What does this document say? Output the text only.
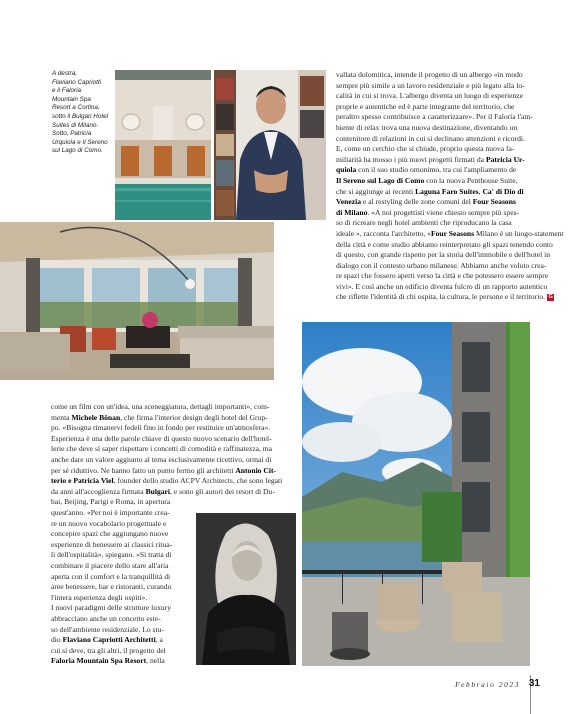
A destra,
Flaviano Capriotti
e il Faloria
Mountain Spa
Resort a Cortina,
sotto il Bulgari Hotel
Suites di Milano.
Sotto, Patricia
Urquiola e Il Sereno
sul Lago di Como.
vallata dolomitica, intende il progetto di un albergo «in modo
sempre più simile a un lavoro residenziale e più legato alla lo-
calità in cui si trova. L'albergo diventa un luogo di esperienze
proprie e autentiche ed è parte integrante del territorio, che
peraltro spesso contribuisce a caratterizzare». Per il Faloria l'am-
biente di relax trova una nuova destinazione, diventando un
contenitore di relazioni in cui si declinano attenzioni e ricordi.
E, come un cerchio che si chiude, proprio questa nuova fa-
miliarità ha mosso i più nuovi progetti firmati da Patricia Ur-
quiola con il suo studio omonimo, tra cui l'ampliamento de
Il Sereno sul Lago di Como con la nuova Penthouse Suite,
che si aggiunge ai recenti Laguna Faro Suites, Ca' di Dio di
Venezia e al restyling delle zone comuni del Four Seasons
di Milano. «A noi progettisti viene chiesto sempre più spes-
so di ricreare negli hotel ambienti che riproducano la casa
ideale », racconta l'architetto, «Four Seasons Milano è un luogo-statement
della città e come studio abbiamo reinterpretato gli spazi tenendo conto
di questo, con grande rispetto per la storia dell'immobile e dell'hotel in
dialogo con il contesto urbano milanese. Abbiamo anche voluto crea-
re spazi che fossero aperti verso la città e che potessero essere sempre
vivi». E così anche un edificio diventa fulcro di un rapporto autentico
che riflette l'identità di chi ospita, la cultura, le persone e il territorio. G
come un film con un'idea, una sceneggiatura, dettagli importanti», com-
menta Michele Bönan, che firma l'interior design degli hotel del Grup-
po. «Bisogna rimanervi fedeli fino in fondo per restituire un'atmosfera».
Esperienza è una delle parole chiave di questo nuovo scenario dell'hotel-
lerie che deve sì saper rispettare i concetti di comodità e raffinatezza, ma
anche dare un valore aggiunto al tema esclusivamente ricettivo, ormai di
per sé riduttivo. Ne hanno fatto un punto fermo gli architetti Antonio Cit-
terio e Patricia Viel, founder dello studio ACPV Architects, che sono legati
da anni all'accoglienza firmata Bulgari, e sono gli autori dei resort di Du-
bai, Beijing, Parigi e Roma, in apertura
quest'anno. «Per noi è importante crea-
re un nuovo vocabolario progettuale e
concepire spazi che aggiungano nuove
esperienze di benessere ai classici ritua-
li dell'ospitalità», spiegano. «Si tratta di
combinare il piacere dello stare all'aria
aperta con il comfort e la tranquillità di
aree benessere, bar e ristoranti, curando
l'intera esperienza degli ospiti».
I nuovi paradigmi delle strutture luxury
abbracciano anche un concetto este-
so dell'ambiente residenziale. Lo stu-
dio Flaviano Capriotti Architetti, a
cui si deve, tra gli altri, il progetto del
Faloria Mountain Spa Resort, nella
Febbraio 2023 31
